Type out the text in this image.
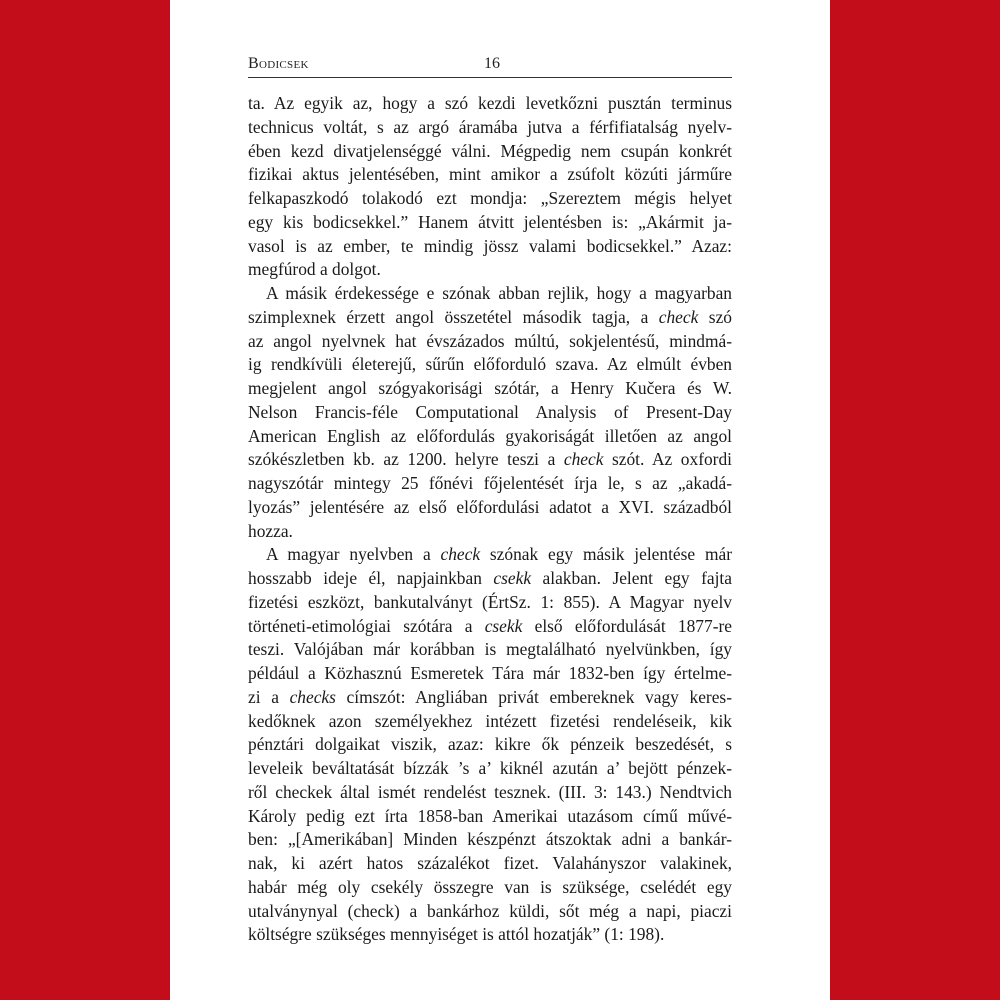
Bodicsek	16

ta. Az egyik az, hogy a szó kezdi levetkőzni pusztán terminus
technicus voltát, s az argó áramába jutva a férfifiatalság nyelv-
ében kezd divatjelenséggé válni. Mégpedig nem csupán konkrét
fizikai aktus jelentésében, mint amikor a zsúfolt közúti járműre
felkapaszkodó tolakodó ezt mondja: „Szereztem mégis helyet
egy kis bodicsekkel.” Hanem átvitt jelentésben is: „Akármit ja-
vasol is az ember, te mindig jössz valami bodicsekkel.” Azaz:
megfúrod a dolgot.

A másik érdekessége e szónak abban rejlik, hogy a magyarban
szimplexnek érzett angol összetétel második tagja, a check szó
az angol nyelvnek hat évszázados múltú, sokjelentésű, mindmá-
ig rendkívüli életerejű, sűrűn előforduló szava. Az elmúlt évben
megjelent angol szógyakorisági szótár, a Henry Kučera és W.
Nelson Francis-féle Computational Analysis of Present-Day
American English az előfordulás gyakoriságát illetően az angol
szókészletben kb. az 1200. helyre teszi a check szót. Az oxfordi
nagyszótár mintegy 25 főnévi főjelentését írja le, s az „akadá-
lyozás” jelentésére az első előfordulási adatot a XVI. századból
hozza.

A magyar nyelvben a check szónak egy másik jelentése már
hosszabb ideje él, napjainkban csekk alakban. Jelent egy fajta
fizetési eszközt, bankutalványt (ÉrtSz. 1: 855). A Magyar nyelv
történeti-etimológiai szótára a csekk első előfordulását 1877-re
teszi. Valójában már korábban is megtalálható nyelvünkben, így
például a Közhasznú Esmeretek Tára már 1832-ben így értelme-
zi a checks címszót: Angliában privát embereknek vagy keres-
kedőknek azon személyekhez intézett fizetési rendeléseik, kik
pénztári dolgaikat viszik, azaz: kikre ők pénzeik beszedését, s
leveleik beváltatását bízzák ’s a’ kiknél azután a’ bejött pénzek-
ről checkek által ismét rendelést tesznek. (III. 3: 143.) Nendtvich
Károly pedig ezt írta 1858-ban Amerikai utazásom című művé-
ben: „[Amerikában] Minden készpénzt átszoktak adni a bankár-
nak, ki azért hatos százalékot fizet. Valahányszor valakinek,
habár még oly csekély összegre van is szüksége, cselédét egy
utalványnyal (check) a bankárhoz küldi, sőt még a napi, piaczi
költségre szükséges mennyiséget is attól hozatják” (1: 198).
